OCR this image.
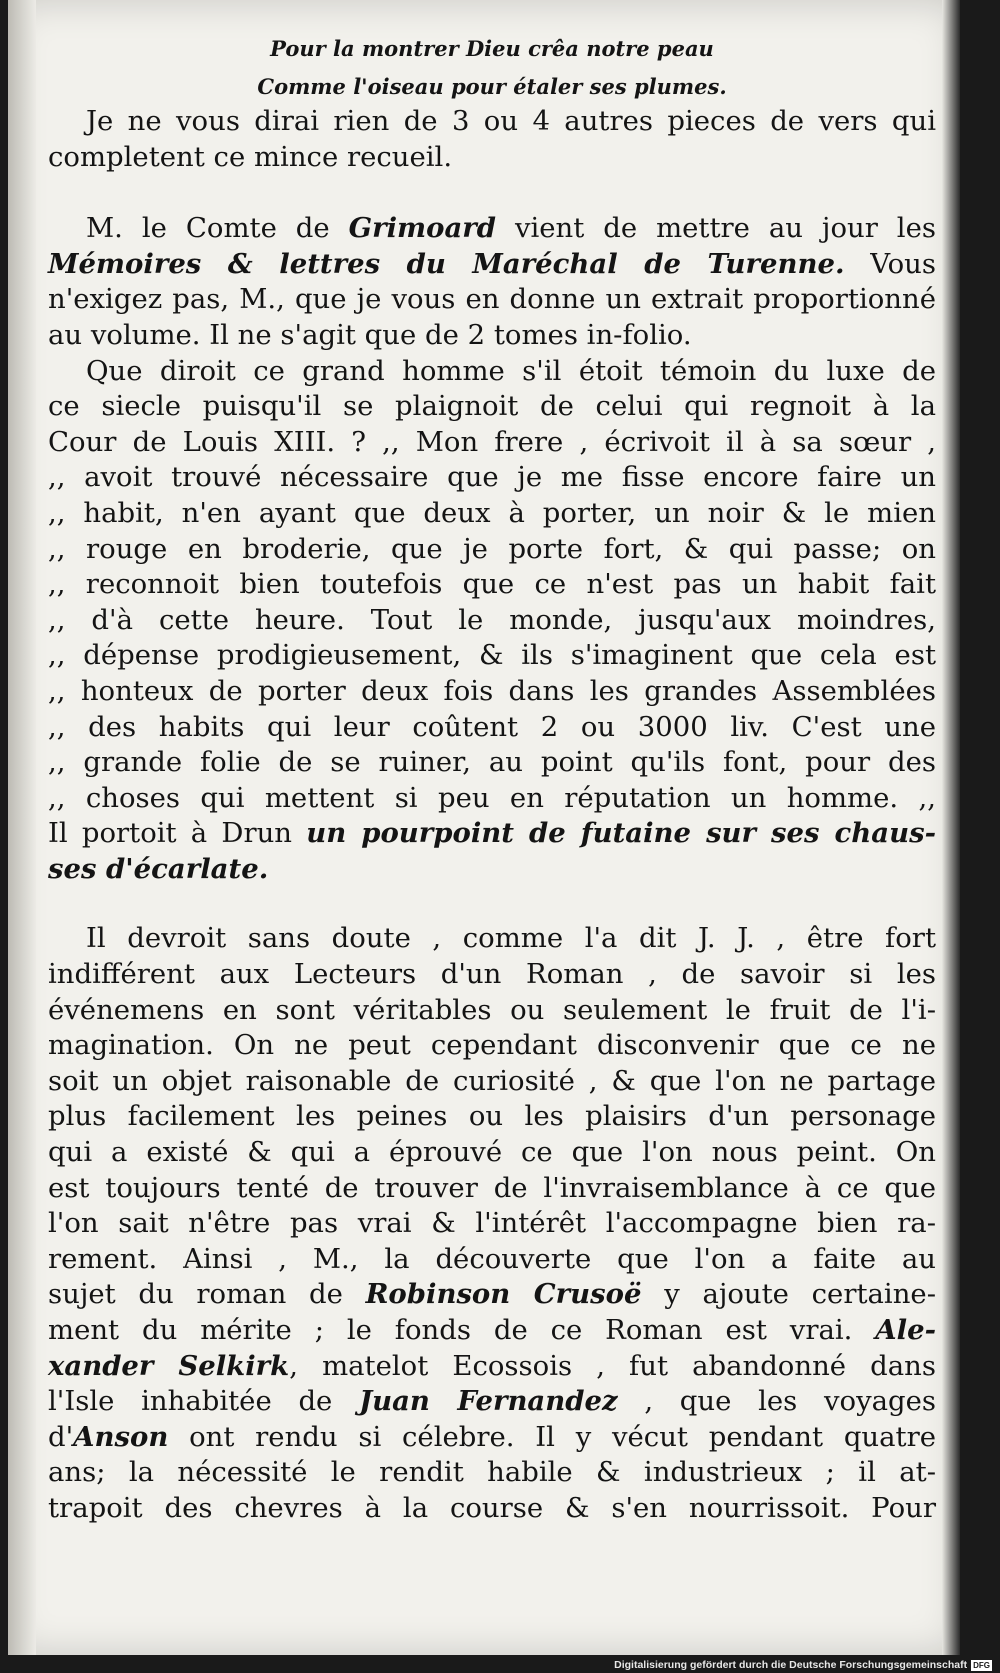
Pour la montrer Dieu crêa notre peau
Comme l'oiseau pour étaler ses plumes.

Je ne vous dirai rien de 3 ou 4 autres pieces de vers qui completent ce mince recueil.

M. le Comte de Grimoard vient de mettre au jour les Mémoires & lettres du Maréchal de Turenne. Vous n'exigez pas, M., que je vous en donne un extrait proportionné au volume. Il ne s'agit que de 2 tomes in-folio.

Que diroit ce grand homme s'il étoit témoin du luxe de
ce siecle puisqu'il se plaignoit de celui qui regnoit à la
Cour de Louis XIII. ? ,, Mon frere , écrivoit il à sa sœur ,
,, avoit trouvé nécessaire que je me fisse encore faire un
,, habit, n'en ayant que deux à porter, un noir & le mien
,, rouge en broderie, que je porte fort, & qui passe; on
,, reconnoit bien toutefois que ce n'est pas un habit fait
,, d'à cette heure. Tout le monde, jusqu'aux moindres,
,, dépense prodigieusement, & ils s'imaginent que cela est
,, honteux de porter deux fois dans les grandes Assemblées
,, des habits qui leur coûtent 2 ou 3000 liv. C'est une
,, grande folie de se ruiner, au point qu'ils font, pour des
,, choses qui mettent si peu en réputation un homme. ,,
Il portoit à Drun un pourpoint de futaine sur ses chaus-
ses d'écarlate.
Il devroit sans doute , comme l'a dit J. J. , être fort
indifférent aux Lecteurs d'un Roman , de savoir si les
événemens en sont véritables ou seulement le fruit de l'i-
magination. On ne peut cependant disconvenir que ce ne
soit un objet raisonable de curiosité , & que l'on ne partage
plus facilement les peines ou les plaisirs d'un personage
qui a existé & qui a éprouvé ce que l'on nous peint. On
est toujours tenté de trouver de l'invraisemblance à ce que
l'on sait n'être pas vrai & l'intérêt l'accompagne bien ra-
rement. Ainsi , M., la découverte que l'on a faite au
sujet du roman de Robinson Crusoë y ajoute certaine-
ment du mérite ; le fonds de ce Roman est vrai. Ale-
xander Selkirk, matelot Ecossois , fut abandonné dans
l'Isle inhabitée de Juan Fernandez , que les voyages
d'Anson ont rendu si célebre. Il y vécut pendant quatre
ans; la nécessité le rendit habile & industrieux ; il at-
trapoit des chevres à la course & s'en nourrissoit. Pour
Digitalisierung gefördert durch die Deutsche Forschungsgemeinschaft DFG
